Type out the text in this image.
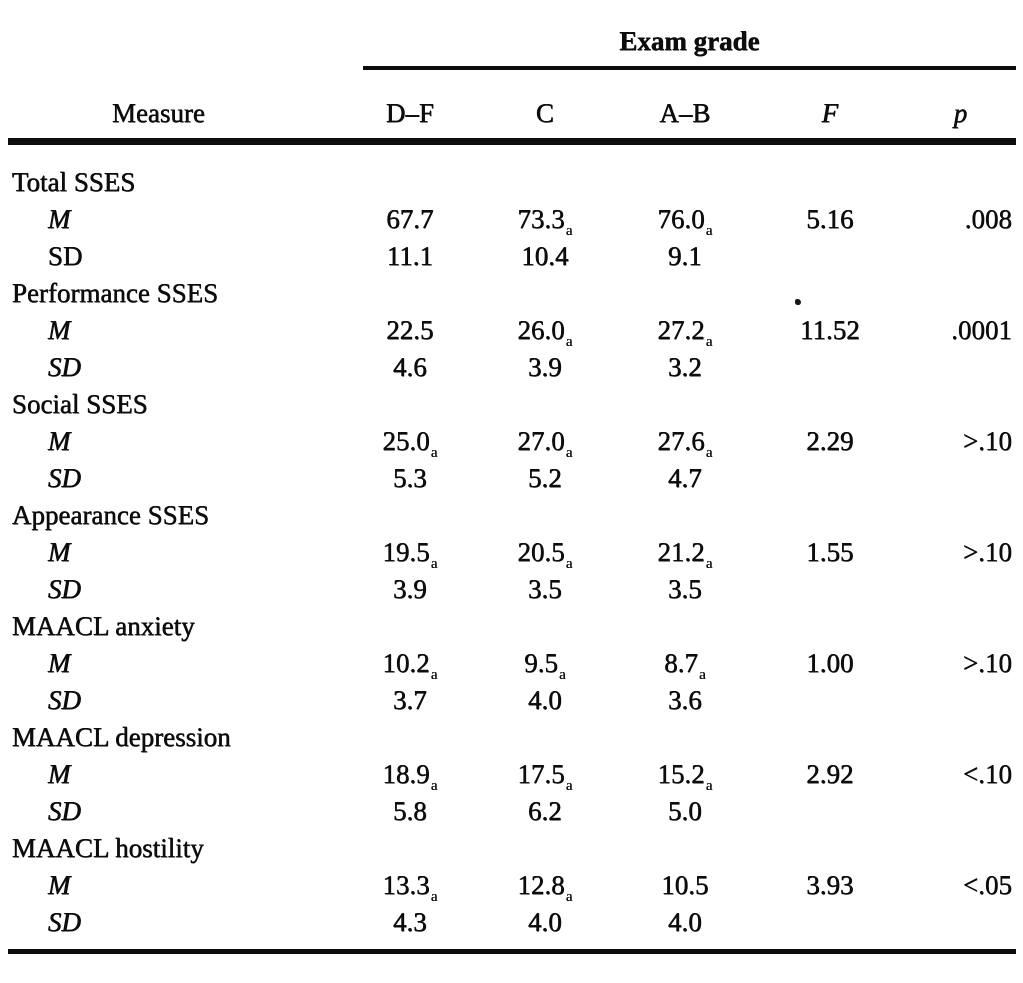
	Exam grade				

Measure	D–F	C	A–B	F	p
Total SSES					
M	67.7	$73.3_a$	$76.0_a$	5.16	.008
SD	11.1	10.4	9.1		
Performance SSES					
M	22.5	$26.0_a$	$27.2_a$	11.52	.0001
SD	4.6	3.9	3.2		
Social SSES					
M	$25.0_a$	$27.0_a$	$27.6_a$	2.29	>.10
SD	5.3	5.2	4.7		
Appearance SSES					
M	$19.5_a$	$20.5_a$	$21.2_a$	1.55	>.10
SD	3.9	3.5	3.5		
MAACL anxiety					
M	$10.2_a$	$9.5_a$	$8.7_a$	1.00	>.10
SD	3.7	4.0	3.6		
MAACL depression					
M	$18.9_a$	$17.5_a$	$15.2_a$	2.92	<.10
SD	5.8	6.2	5.0		
MAACL hostility					
M	$13.3_a$	$12.8_a$	10.5	3.93	<.05
SD	4.3	4.0	4.0		
